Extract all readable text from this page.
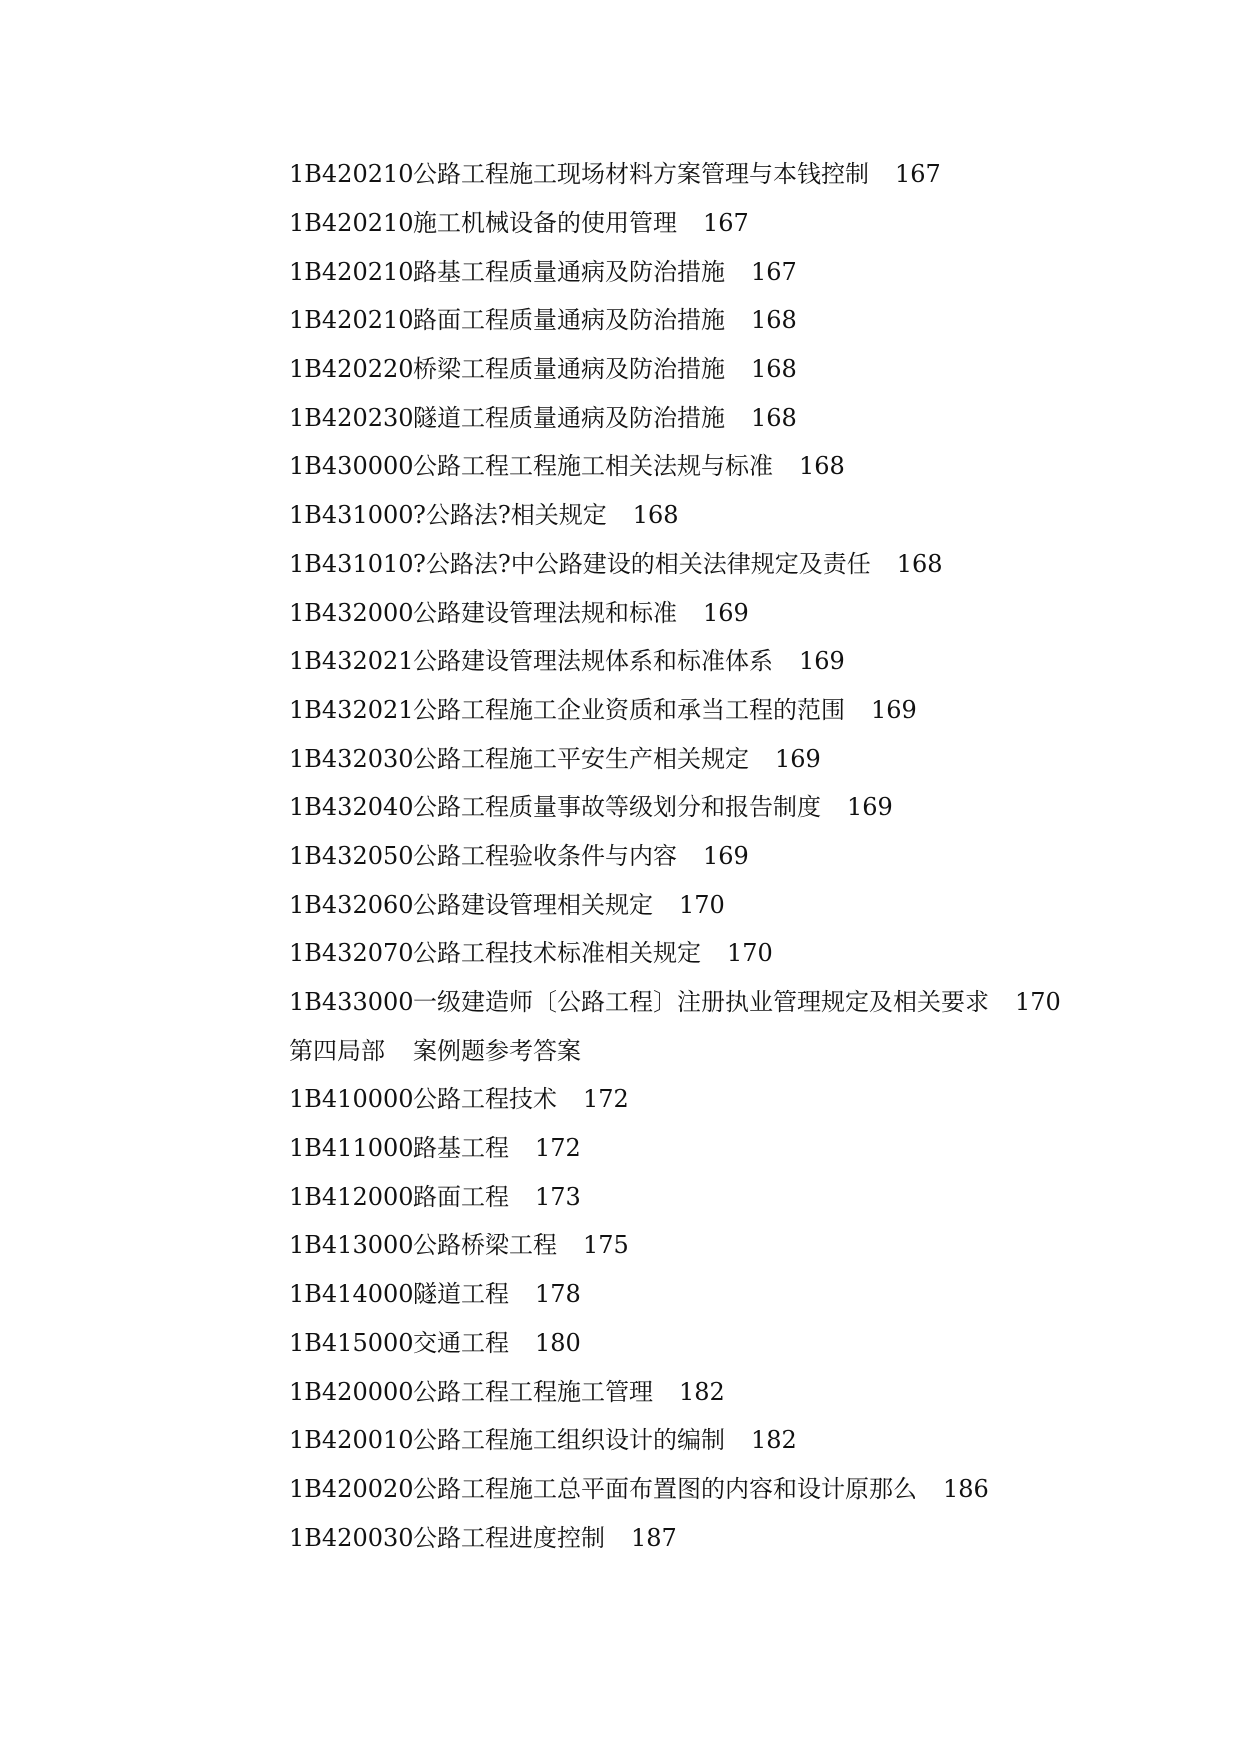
1B420210 公路工程施工现场材料方案管理与本钱控制 167
1B420210 施工机械设备的使用管理 167
1B420210 路基工程质量通病及防治措施 167
1B420210 路面工程质量通病及防治措施 168
1B420220 桥梁工程质量通病及防治措施 168
1B420230 隧道工程质量通病及防治措施 168
1B430000 公路工程工程施工相关法规与标准 168
1B431000 ?公路法?相关规定 168
1B431010 ?公路法?中公路建设的相关法律规定及责任 168
1B432000 公路建设管理法规和标准 169
1B432021 公路建设管理法规体系和标准体系 169
1B432021 公路工程施工企业资质和承当工程的范围 169
1B432030 公路工程施工平安生产相关规定 169
1B432040 公路工程质量事故等级划分和报告制度 169
1B432050 公路工程验收条件与内容 169
1B432060 公路建设管理相关规定 170
1B432070 公路工程技术标准相关规定 170
1B433000 一级建造师〔公路工程〕注册执业管理规定及相关要求 170
第四局部	案例题参考答案
1B410000 公路工程技术 172
1B411000 路基工程 172
1B412000 路面工程 173
1B413000 公路桥梁工程 175
1B414000 隧道工程 178
1B415000 交通工程 180
1B420000 公路工程工程施工管理 182
1B420010 公路工程施工组织设计的编制 182
1B420020 公路工程施工总平面布置图的内容和设计原那么 186
1B420030 公路工程进度控制 187
